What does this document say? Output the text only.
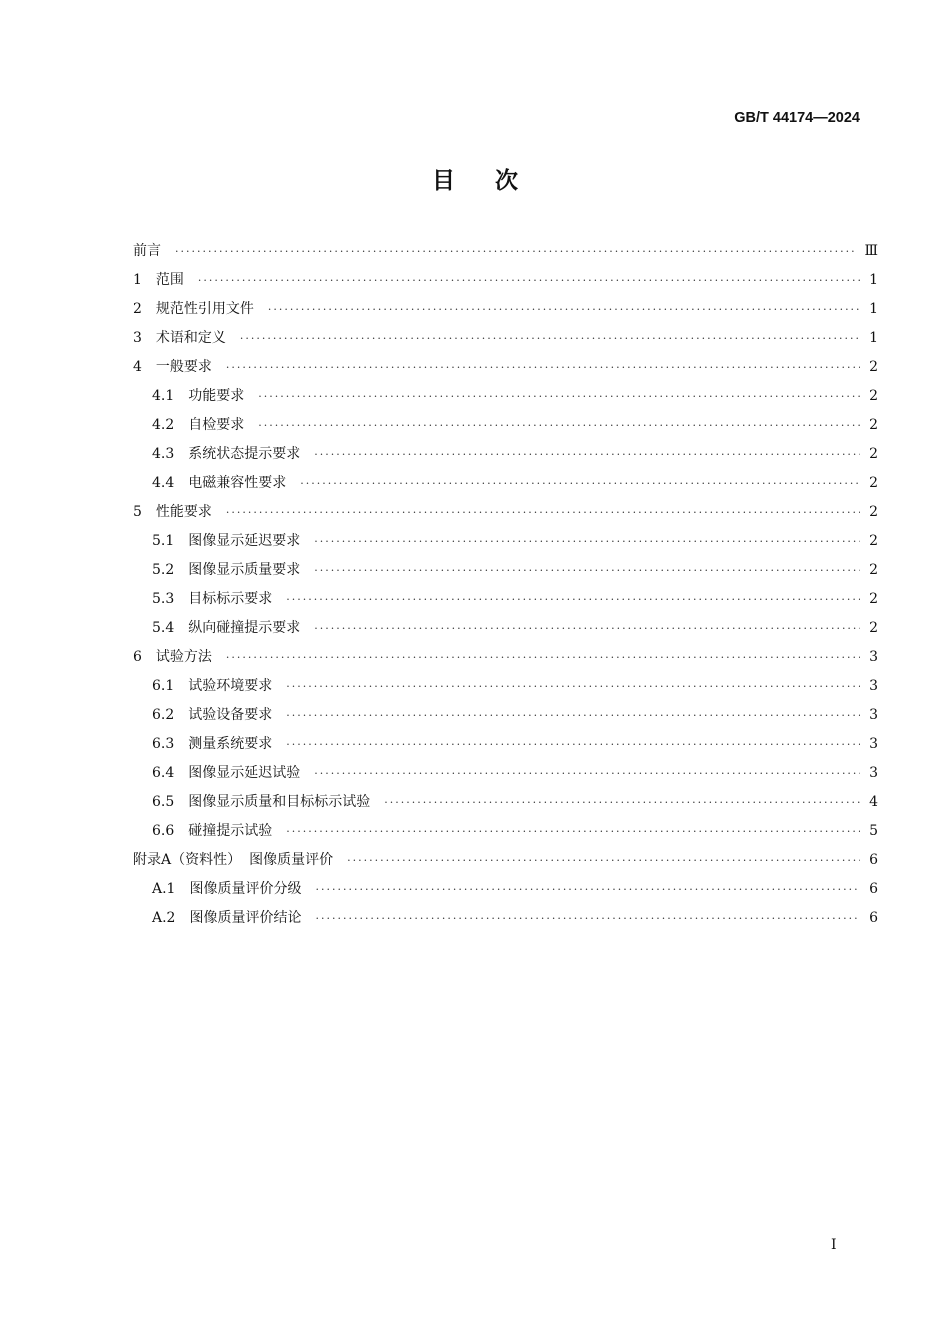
GB/T 44174—2024
目次
前言 ·····	Ⅲ
1 范围 ·····	1
2 规范性引用文件 ·····	1
3 术语和定义 ·····	1
4 一般要求 ·····	2
4.1 功能要求 ·····	2
4.2 自检要求 ·····	2
4.3 系统状态提示要求 ·····	2
4.4 电磁兼容性要求 ·····	2
5 性能要求 ·····	2
5.1 图像显示延迟要求 ·····	2
5.2 图像显示质量要求 ·····	2
5.3 目标标示要求 ·····	2
5.4 纵向碰撞提示要求 ·····	2
6 试验方法 ·····	3
6.1 试验环境要求 ·····	3
6.2 试验设备要求 ·····	3
6.3 测量系统要求 ·····	3
6.4 图像显示延迟试验 ·····	3
6.5 图像显示质量和目标标示试验 ·····	4
6.6 碰撞提示试验 ·····	5
附录A（资料性） 图像质量评价 ·····	6
A.1 图像质量评价分级 ·····	6
A.2 图像质量评价结论 ·····	6
Ⅰ
